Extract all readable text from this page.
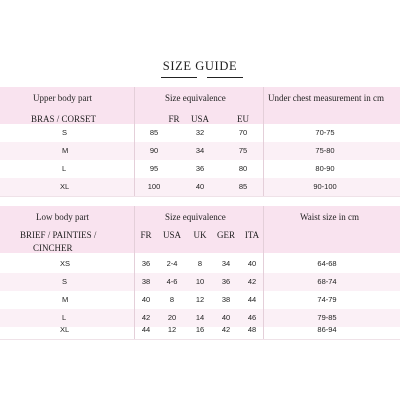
SIZE GUIDE
Upper body part	Size equivalence	Under chest measurement in cm
BRAS / CORSET	FR	USA	EU
S	85	32	70	70-75
M	90	34	75	75-80
L	95	36	80	80-90
XL	100	40	85	90-100
Low body part	Size equivalence	Waist size in cm
BRIEF / PAINTIES /
CINCHER
FR	USA	UK	GER	ITA
XS	36	2-4	8	34	40	64-68
S	38	4-6	10	36	42	68-74
M	40	8	12	38	44	74-79
L	42	20	14	40	46	79-85
XL	44	12	16	42	48	86-94
